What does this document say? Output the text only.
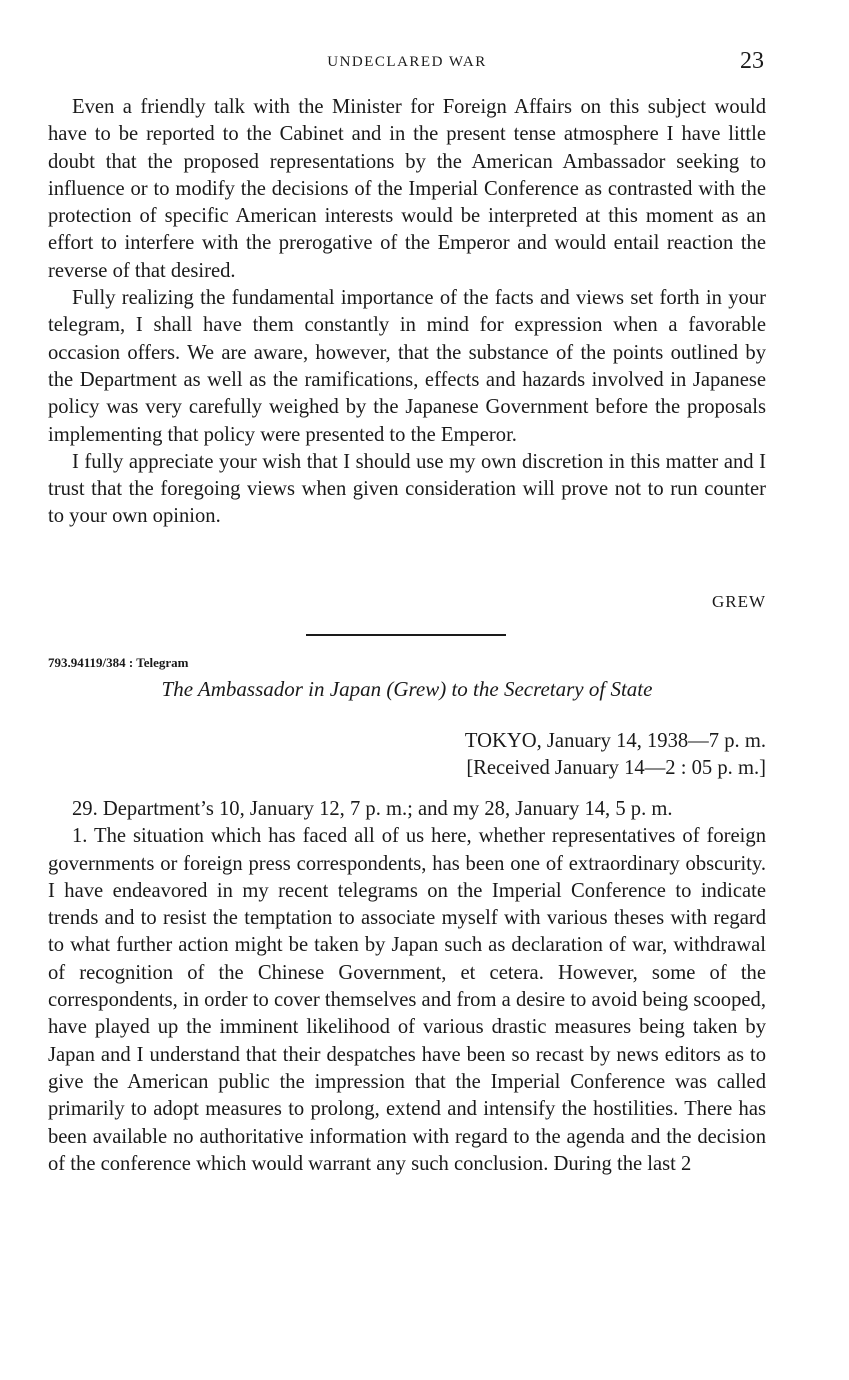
UNDECLARED WAR	23

Even a friendly talk with the Minister for Foreign Affairs on this subject would have to be reported to the Cabinet and in the present tense atmosphere I have little doubt that the proposed representations by the American Ambassador seeking to influence or to modify the decisions of the Imperial Conference as contrasted with the protection of specific American interests would be interpreted at this moment as an effort to interfere with the prerogative of the Emperor and would entail reaction the reverse of that desired.

Fully realizing the fundamental importance of the facts and views set forth in your telegram, I shall have them constantly in mind for expression when a favorable occasion offers. We are aware, however, that the substance of the points outlined by the Department as well as the ramifications, effects and hazards involved in Japanese policy was very carefully weighed by the Japanese Government before the proposals implementing that policy were presented to the Emperor.

I fully appreciate your wish that I should use my own discretion in this matter and I trust that the foregoing views when given consideration will prove not to run counter to your own opinion.

GREW
793.94119/384 : Telegram
The Ambassador in Japan (Grew) to the Secretary of State
TOKYO, January 14, 1938—7 p. m.
[Received January 14—2 : 05 p. m.]

29. Department’s 10, January 12, 7 p. m.; and my 28, January 14, 5 p. m.

1. The situation which has faced all of us here, whether representatives of foreign governments or foreign press correspondents, has been one of extraordinary obscurity. I have endeavored in my recent telegrams on the Imperial Conference to indicate trends and to resist the temptation to associate myself with various theses with regard to what further action might be taken by Japan such as declaration of war, withdrawal of recognition of the Chinese Government, et cetera. However, some of the correspondents, in order to cover themselves and from a desire to avoid being scooped, have played up the imminent likelihood of various drastic measures being taken by Japan and I understand that their despatches have been so recast by news editors as to give the American public the impression that the Imperial Conference was called primarily to adopt measures to prolong, extend and intensify the hostilities. There has been available no authoritative information with regard to the agenda and the decision of the conference which would warrant any such conclusion. During the last 2
